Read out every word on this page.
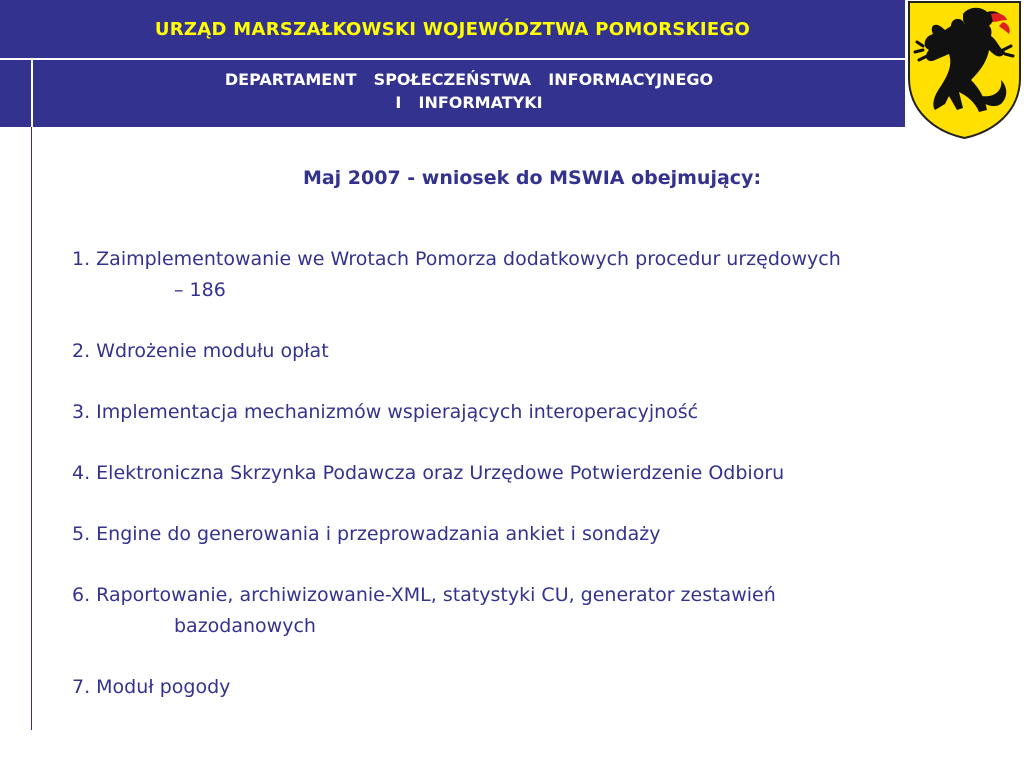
URZĄD MARSZAŁKOWSKI WOJEWÓDZTWA POMORSKIEGO
DEPARTAMENT  SPOŁECZEŃSTWA  INFORMACYJNEGO
I  INFORMATYKI
Maj 2007 - wniosek do MSWIA obejmujący:
1. Zaimplementowanie we Wrotach Pomorza dodatkowych procedur urzędowych
– 186
2. Wdrożenie modułu opłat
3. Implementacja mechanizmów wspierających interoperacyjność
4. Elektroniczna Skrzynka Podawcza oraz Urzędowe Potwierdzenie Odbioru
5. Engine do generowania i przeprowadzania ankiet i sondaży
6. Raportowanie, archiwizowanie-XML, statystyki CU, generator zestawień
bazodanowych
7. Moduł pogody
